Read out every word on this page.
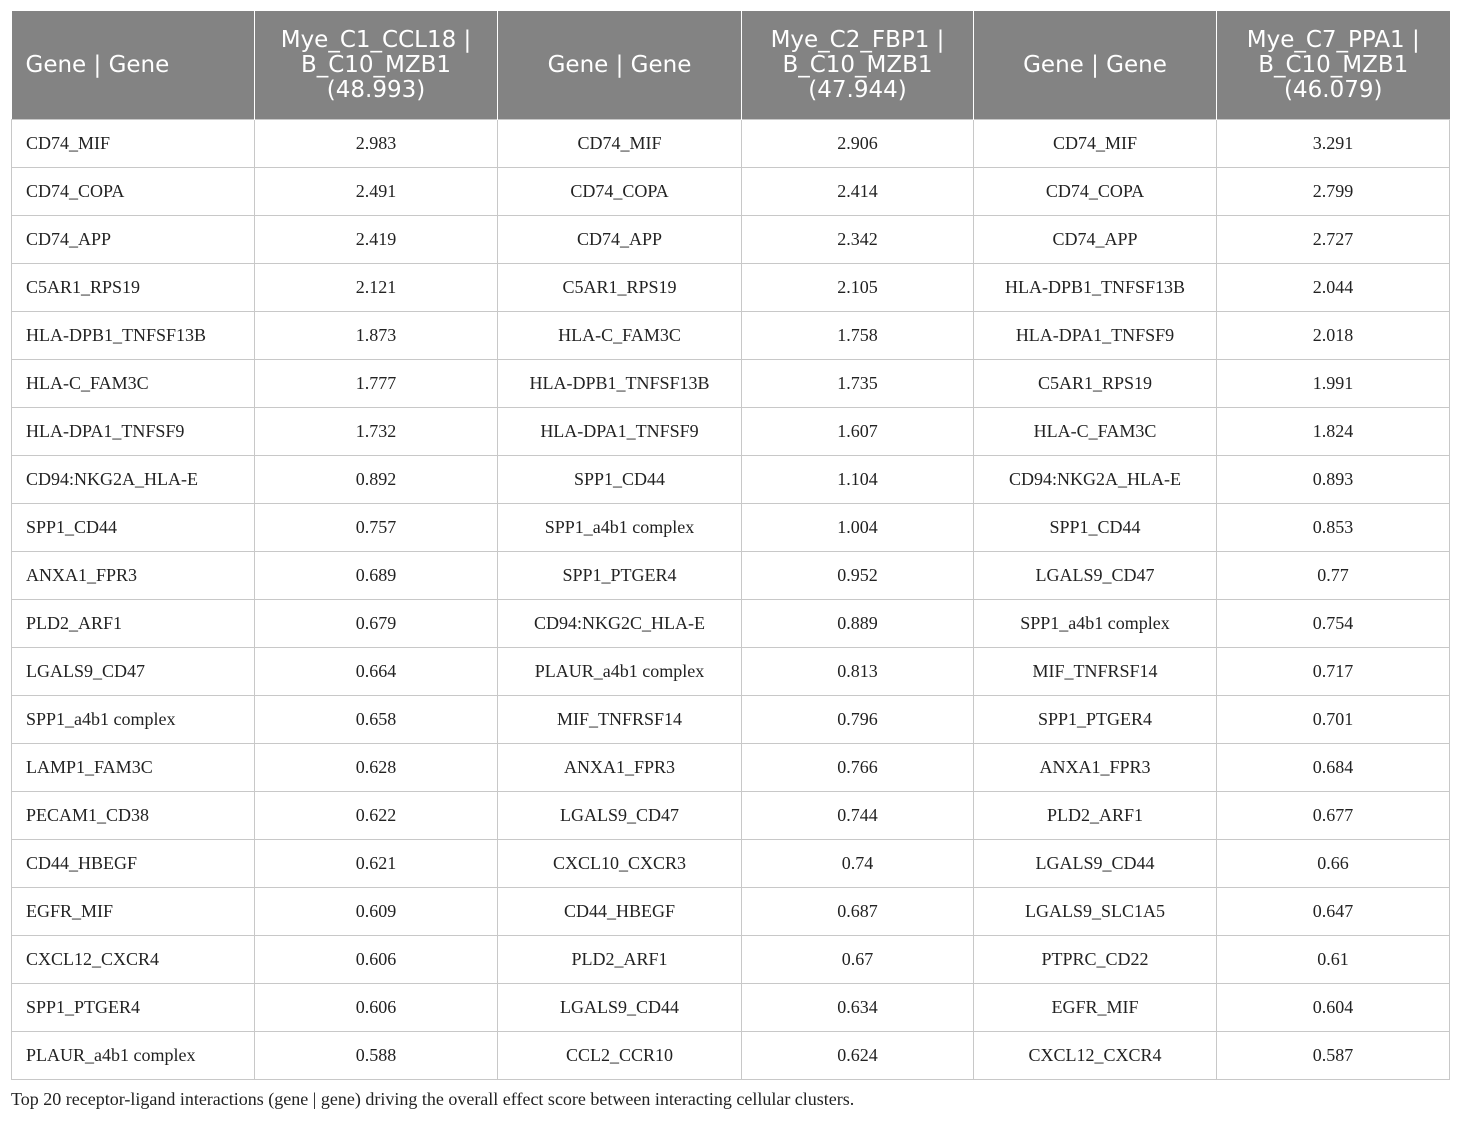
Gene | Gene	Mye_C1_CCL18 | B_C10_MZB1 (48.993)	Gene | Gene	Mye_C2_FBP1 | B_C10_MZB1 (47.944)	Gene | Gene	Mye_C7_PPA1 | B_C10_MZB1 (46.079)
CD74_MIF	2.983	CD74_MIF	2.906	CD74_MIF	3.291
CD74_COPA	2.491	CD74_COPA	2.414	CD74_COPA	2.799
CD74_APP	2.419	CD74_APP	2.342	CD74_APP	2.727
C5AR1_RPS19	2.121	C5AR1_RPS19	2.105	HLA-DPB1_TNFSF13B	2.044
HLA-DPB1_TNFSF13B	1.873	HLA-C_FAM3C	1.758	HLA-DPA1_TNFSF9	2.018
HLA-C_FAM3C	1.777	HLA-DPB1_TNFSF13B	1.735	C5AR1_RPS19	1.991
HLA-DPA1_TNFSF9	1.732	HLA-DPA1_TNFSF9	1.607	HLA-C_FAM3C	1.824
CD94:NKG2A_HLA-E	0.892	SPP1_CD44	1.104	CD94:NKG2A_HLA-E	0.893
SPP1_CD44	0.757	SPP1_a4b1 complex	1.004	SPP1_CD44	0.853
ANXA1_FPR3	0.689	SPP1_PTGER4	0.952	LGALS9_CD47	0.77
PLD2_ARF1	0.679	CD94:NKG2C_HLA-E	0.889	SPP1_a4b1 complex	0.754
LGALS9_CD47	0.664	PLAUR_a4b1 complex	0.813	MIF_TNFRSF14	0.717
SPP1_a4b1 complex	0.658	MIF_TNFRSF14	0.796	SPP1_PTGER4	0.701
LAMP1_FAM3C	0.628	ANXA1_FPR3	0.766	ANXA1_FPR3	0.684
PECAM1_CD38	0.622	LGALS9_CD47	0.744	PLD2_ARF1	0.677
CD44_HBEGF	0.621	CXCL10_CXCR3	0.74	LGALS9_CD44	0.66
EGFR_MIF	0.609	CD44_HBEGF	0.687	LGALS9_SLC1A5	0.647
CXCL12_CXCR4	0.606	PLD2_ARF1	0.67	PTPRC_CD22	0.61
SPP1_PTGER4	0.606	LGALS9_CD44	0.634	EGFR_MIF	0.604
PLAUR_a4b1 complex	0.588	CCL2_CCR10	0.624	CXCL12_CXCR4	0.587
Top 20 receptor-ligand interactions (gene | gene) driving the overall effect score between interacting cellular clusters.
